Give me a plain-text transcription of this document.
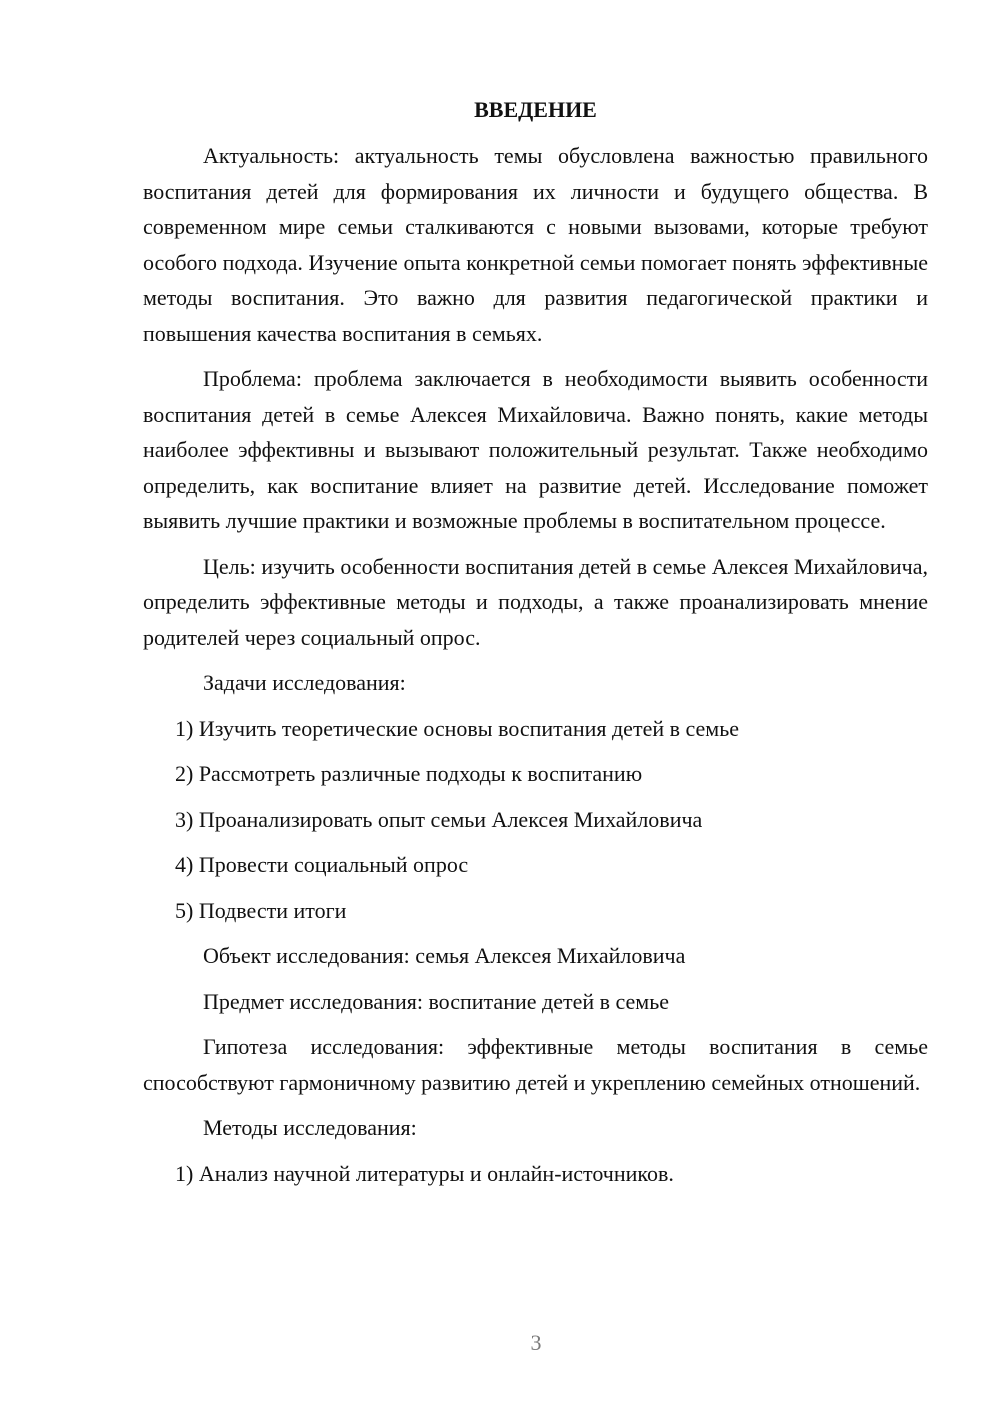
ВВЕДЕНИЕ

Актуальность: актуальность темы обусловлена важностью правильного воспитания детей для формирования их личности и будущего общества. В современном мире семьи сталкиваются с новыми вызовами, которые требуют особого подхода. Изучение опыта конкретной семьи помогает понять эффективные методы воспитания. Это важно для развития педагогической практики и повышения качества воспитания в семьях.

Проблема: проблема заключается в необходимости выявить особенности воспитания детей в семье Алексея Михайловича. Важно понять, какие методы наиболее эффективны и вызывают положительный результат. Также необходимо определить, как воспитание влияет на развитие детей. Исследование поможет выявить лучшие практики и возможные проблемы в воспитательном процессе.

Цель: изучить особенности воспитания детей в семье Алексея Михайловича, определить эффективные методы и подходы, а также проанализировать мнение родителей через социальный опрос.

Задачи исследования:
1) Изучить теоретические основы воспитания детей в семье
2) Рассмотреть различные подходы к воспитанию
3) Проанализировать опыт семьи Алексея Михайловича
4) Провести социальный опрос
5) Подвести итоги
Объект исследования: семья Алексея Михайловича
Предмет исследования: воспитание детей в семье

Гипотеза исследования: эффективные методы воспитания в семье способствуют гармоничному развитию детей и укреплению семейных отношений.

Методы исследования:
1) Анализ научной литературы и онлайн-источников.
3
